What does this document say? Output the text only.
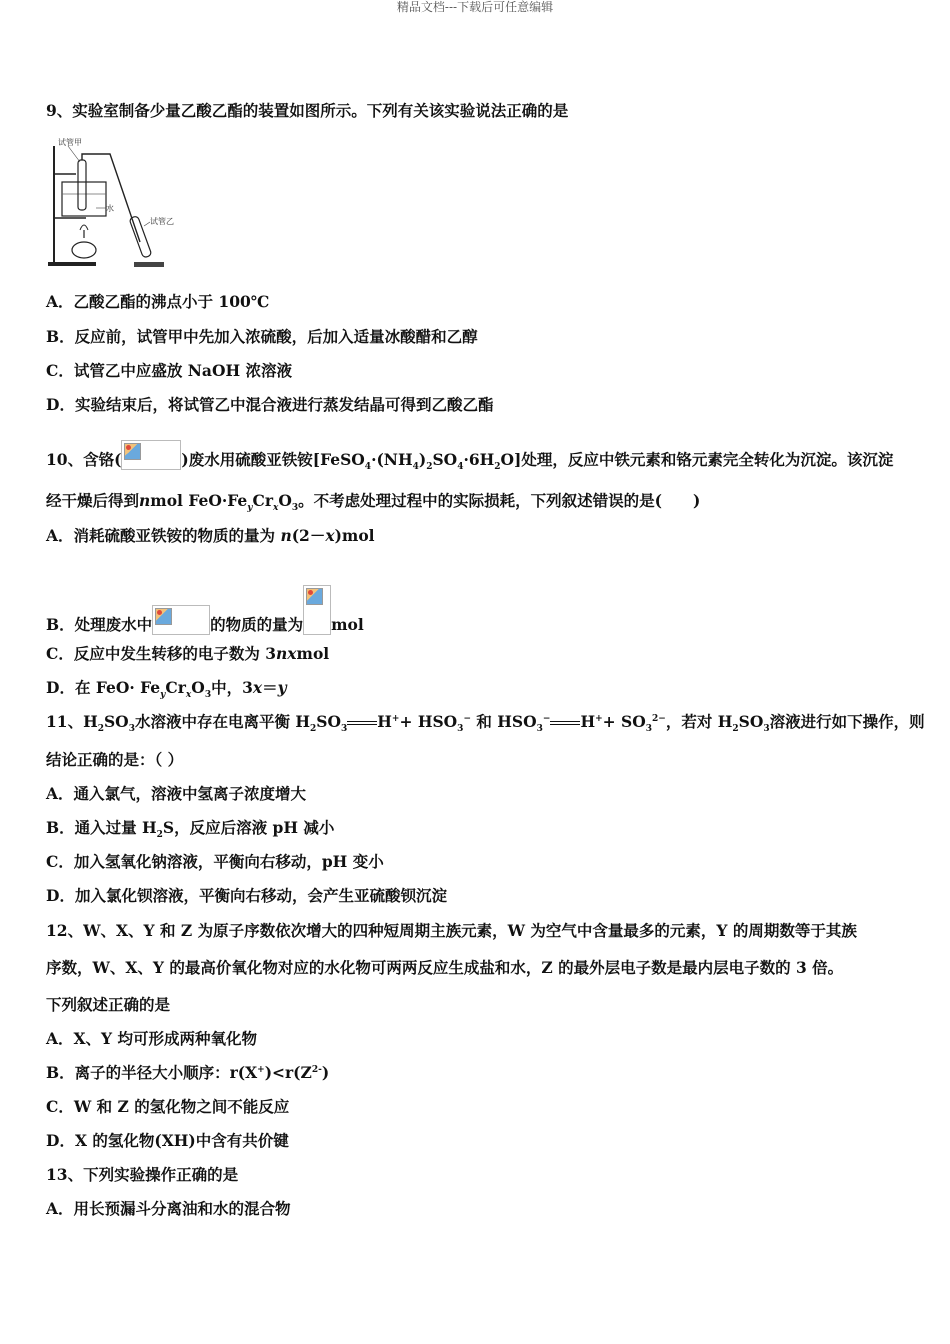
精品文档---下载后可任意编辑
9、实验室制备少量乙酸乙酯的装置如图所示。下列有关该实验说法正确的是
试管甲
水
试管乙
A．乙酸乙酯的沸点小于 100℃
B．反应前，试管甲中先加入浓硫酸，后加入适量冰酸醋和乙醇
C．试管乙中应盛放 NaOH 浓溶液
D．实验结束后，将试管乙中混合液进行蒸发结晶可得到乙酸乙酯
10、含铬(	)废水用硫酸亚铁铵$[FeSO_4\cdot(NH_4)_2SO_4\cdot 6H_2O]$处理，反应中铁元素和铬元素完全转化为沉淀。该沉淀
经干燥后得到nmol $FeO\cdot Fe_yCr_xO_3$。不考虑处理过程中的实际损耗，下列叙述错误的是(　　)
A．消耗硫酸亚铁铵的物质的量为 n(2－x)mol
B．处理废水中	的物质的量为 mol
C．反应中发生转移的电子数为 3nxmol
D．在 $FeO\cdot Fe_yCr_xO_3$中，3x＝y
11、$H_2SO_3$水溶液中存在电离平衡 $H_2SO_3$ $H^++ HSO_3^-$ 和 $HSO_3^-$ $H^++ SO_3^{2-}$，若对 $H_2SO_3$溶液进行如下操作，则
结论正确的是：（ ）
A．通入氯气，溶液中氢离子浓度增大
B．通入过量 $H_2S$，反应后溶液 pH 减小
C．加入氢氧化钠溶液，平衡向右移动，pH 变小
D．加入氯化钡溶液，平衡向右移动，会产生亚硫酸钡沉淀
12、W、X、Y 和 Z 为原子序数依次增大的四种短周期主族元素，W 为空气中含量最多的元素，Y 的周期数等于其族
序数，W、X、Y 的最高价氧化物对应的水化物可两两反应生成盐和水，Z 的最外层电子数是最内层电子数的 3 倍。
下列叙述正确的是
A．X、Y 均可形成两种氧化物
B．离子的半径大小顺序：$r(X^+)<r(Z^{2-})$
C．W 和 Z 的氢化物之间不能反应
D．X 的氢化物(XH)中含有共价键
13、下列实验操作正确的是
A．用长预漏斗分离油和水的混合物
